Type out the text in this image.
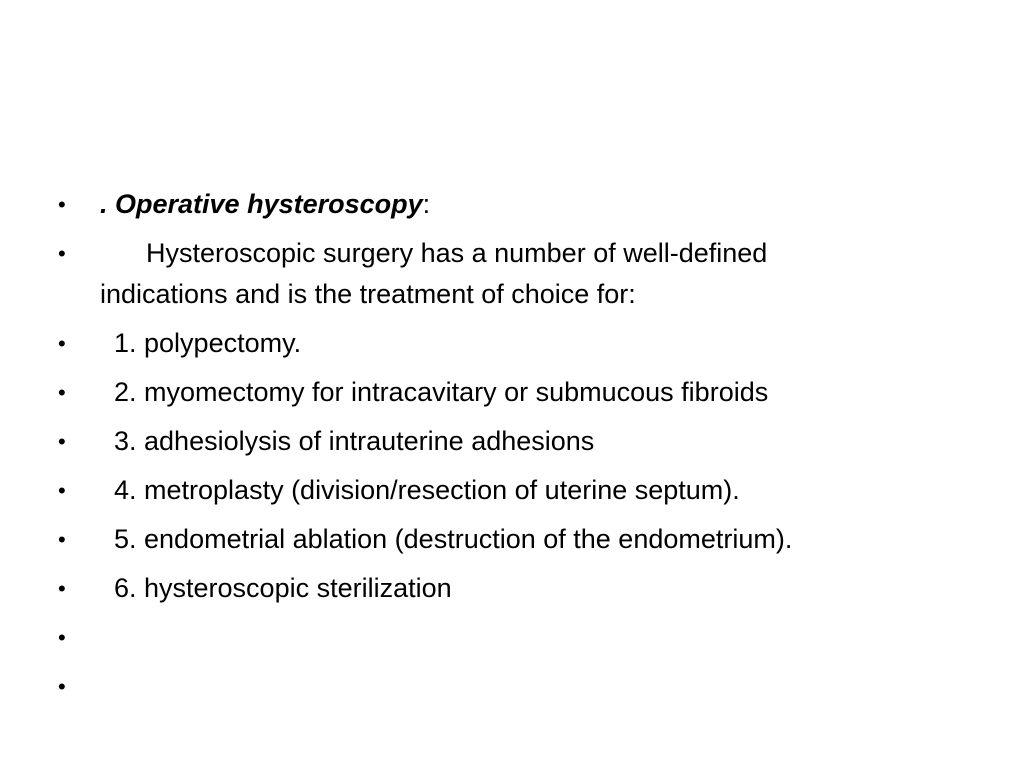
•	. Operative hysteroscopy:
•	Hysteroscopic surgery has a number of well-defined
indications and is the treatment of choice for:
•	1. polypectomy.
•	2. myomectomy for intracavitary or submucous fibroids
•	3. adhesiolysis of intrauterine adhesions
•	4. metroplasty (division/resection of uterine septum).
•	5. endometrial ablation (destruction of the endometrium).
•	6. hysteroscopic sterilization
•
•
